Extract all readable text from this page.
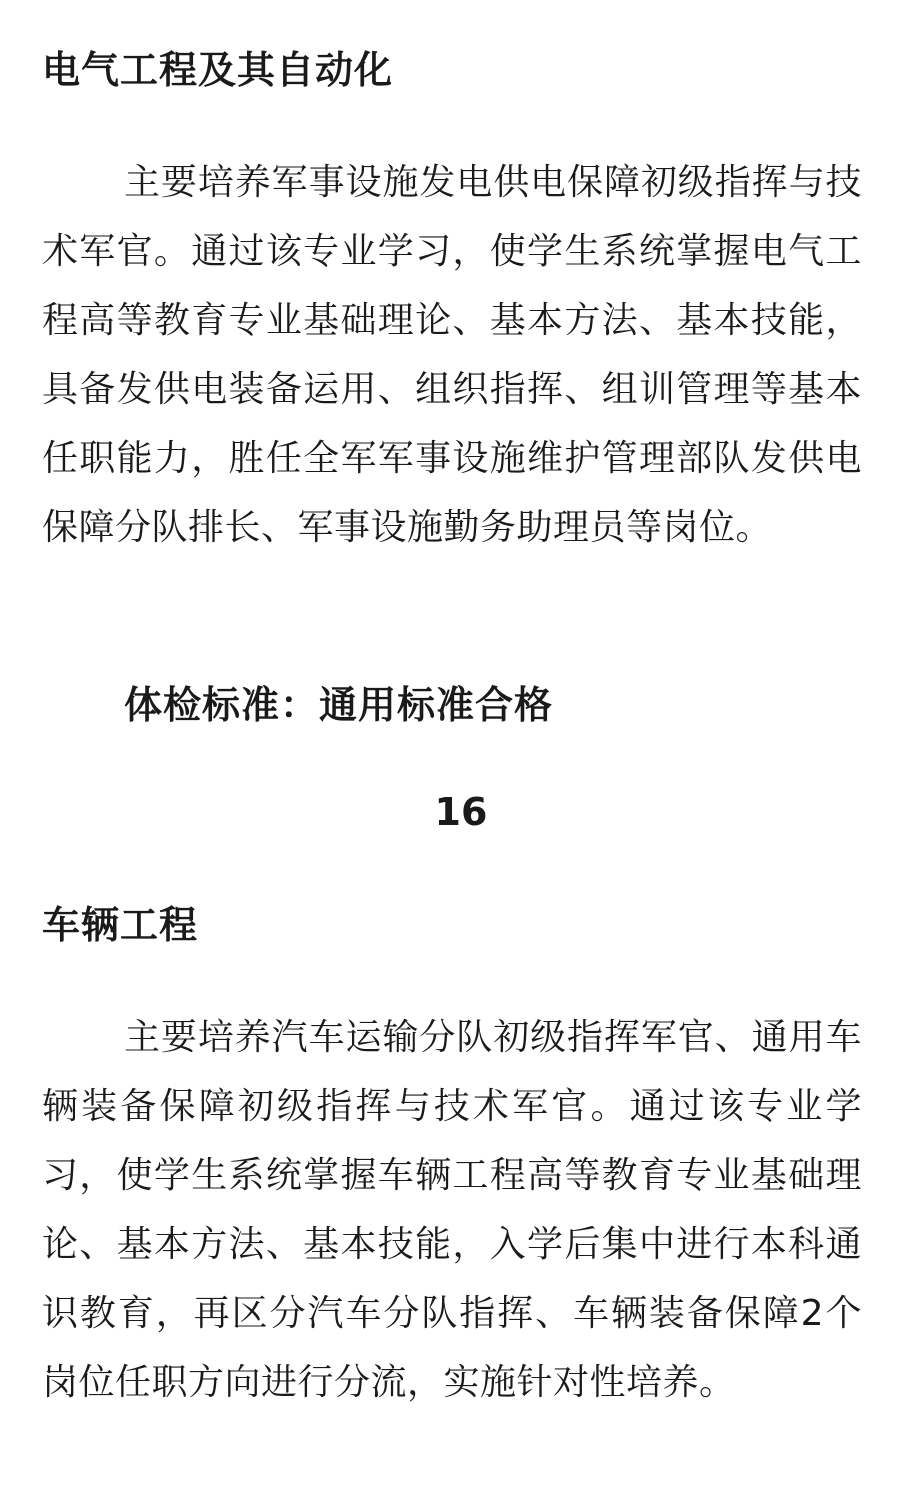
电气工程及其自动化

主要培养军事设施发电供电保障初级指挥与技术军官。通过该专业学习，使学生系统掌握电气工程高等教育专业基础理论、基本方法、基本技能，具备发供电装备运用、组织指挥、组训管理等基本任职能力，胜任全军军事设施维护管理部队发供电保障分队排长、军事设施勤务助理员等岗位。

体检标准：通用标准合格
16
车辆工程

主要培养汽车运输分队初级指挥军官、通用车辆装备保障初级指挥与技术军官。通过该专业学习，使学生系统掌握车辆工程高等教育专业基础理论、基本方法、基本技能，入学后集中进行本科通识教育，再区分汽车分队指挥、车辆装备保障2个岗位任职方向进行分流，实施针对性培养。
